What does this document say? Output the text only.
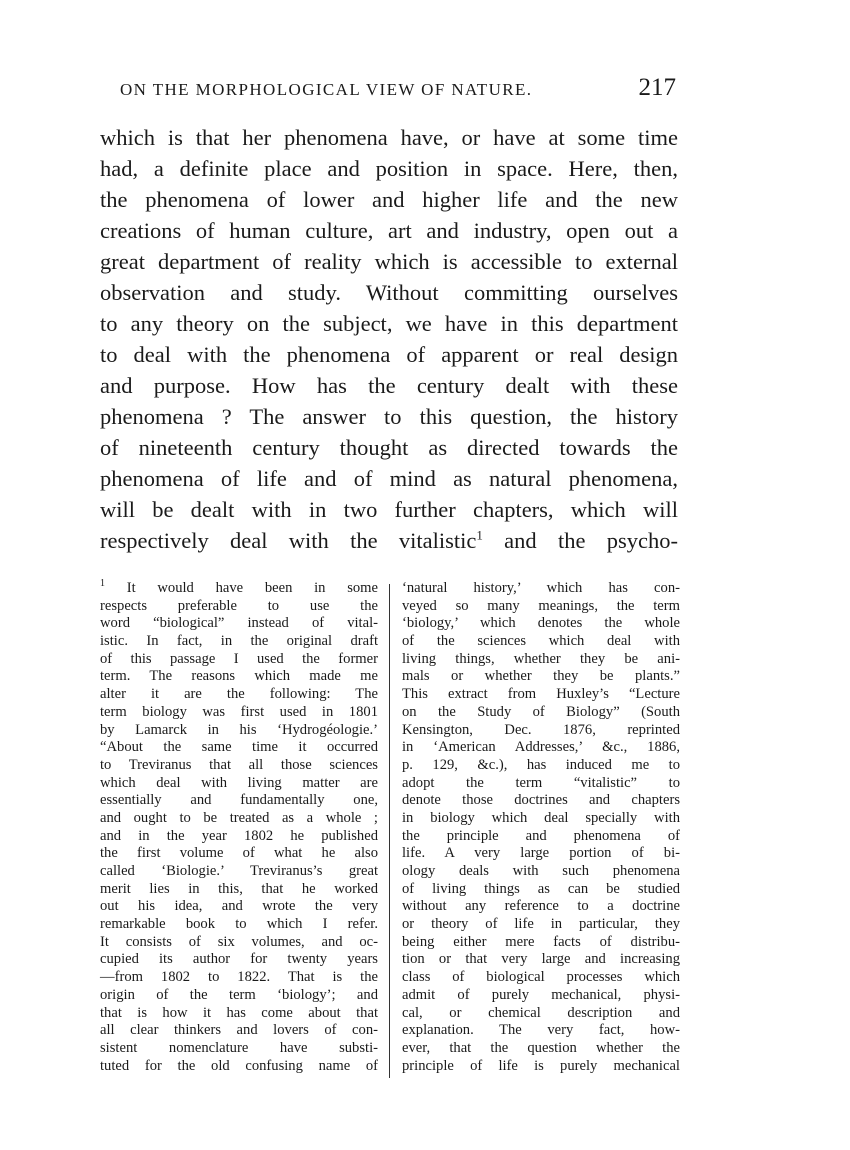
ON THE MORPHOLOGICAL VIEW OF NATURE.	217
which is that her phenomena have, or have at some time
had, a definite place and position in space. Here, then,
the phenomena of lower and higher life and the new
creations of human culture, art and industry, open out a
great department of reality which is accessible to external
observation and study. Without committing ourselves
to any theory on the subject, we have in this department
to deal with the phenomena of apparent or real design
and purpose. How has the century dealt with these
phenomena ? The answer to this question, the history
of nineteenth century thought as directed towards the
phenomena of life and of mind as natural phenomena,
will be dealt with in two further chapters, which will
respectively deal with the vitalistic$^1$ and the psycho-
$^1$ It would have been in some
respects preferable to use the
word “biological” instead of vital-
istic. In fact, in the original draft
of this passage I used the former
term. The reasons which made me
alter it are the following: The
term biology was first used in 1801
by Lamarck in his ‘Hydrogéologie.’
“About the same time it occurred
to Treviranus that all those sciences
which deal with living matter are
essentially and fundamentally one,
and ought to be treated as a whole ;
and in the year 1802 he published
the first volume of what he also
called ‘Biologie.’ Treviranus’s great
merit lies in this, that he worked
out his idea, and wrote the very
remarkable book to which I refer.
It consists of six volumes, and oc-
cupied its author for twenty years
—from 1802 to 1822. That is the
origin of the term ‘biology’; and
that is how it has come about that
all clear thinkers and lovers of con-
sistent nomenclature have substi-
tuted for the old confusing name of
‘natural history,’ which has con-
veyed so many meanings, the term
‘biology,’ which denotes the whole
of the sciences which deal with
living things, whether they be ani-
mals or whether they be plants.”
This extract from Huxley’s “Lecture
on the Study of Biology” (South
Kensington, Dec. 1876, reprinted
in ‘American Addresses,’ &c., 1886,
p. 129, &c.), has induced me to
adopt the term “vitalistic” to
denote those doctrines and chapters
in biology which deal specially with
the principle and phenomena of
life. A very large portion of bi-
ology deals with such phenomena
of living things as can be studied
without any reference to a doctrine
or theory of life in particular, they
being either mere facts of distribu-
tion or that very large and increasing
class of biological processes which
admit of purely mechanical, physi-
cal, or chemical description and
explanation. The very fact, how-
ever, that the question whether the
principle of life is purely mechanical
